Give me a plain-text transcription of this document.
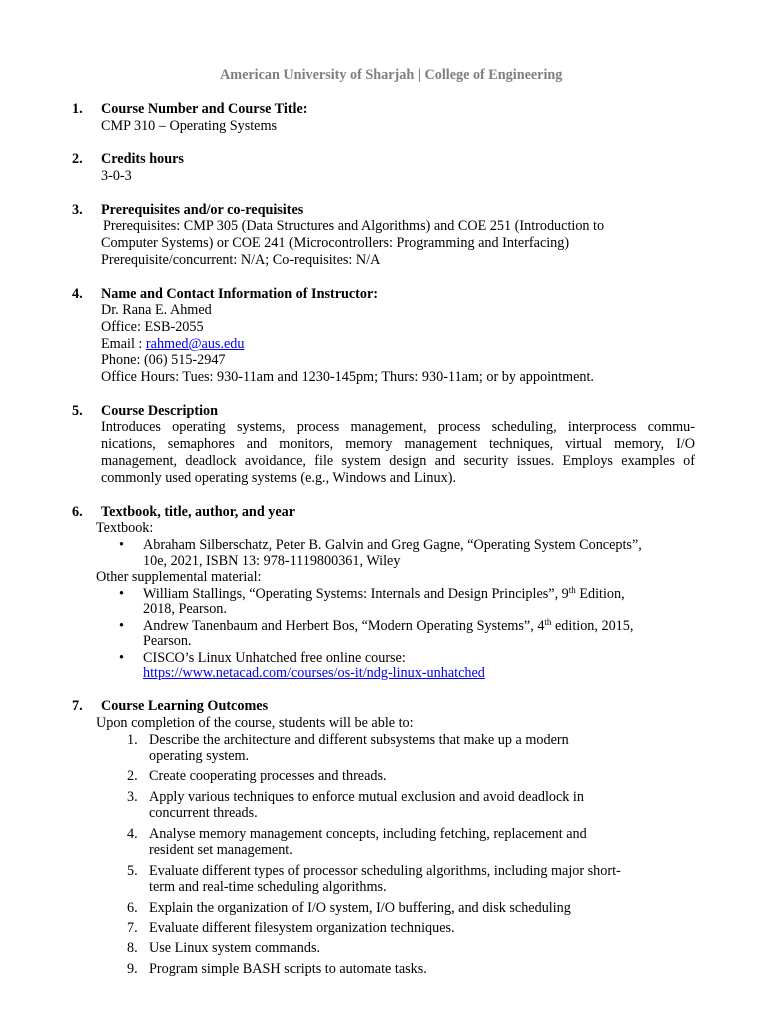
American University of Sharjah | College of Engineering
1. Course Number and Course Title:
CMP 310 – Operating Systems
2. Credits hours
3-0-3
3. Prerequisites and/or co-requisites
Prerequisites: CMP 305 (Data Structures and Algorithms) and COE 251 (Introduction to
Computer Systems) or COE 241 (Microcontrollers: Programming and Interfacing)
Prerequisite/concurrent: N/A; Co-requisites: N/A
4. Name and Contact Information of Instructor:
Dr. Rana E. Ahmed
Office: ESB-2055
Email : rahmed@aus.edu
Phone: (06) 515-2947
Office Hours: Tues: 930-11am and 1230-145pm; Thurs: 930-11am; or by appointment.
5. Course Description
Introduces operating systems, process management, process scheduling, interprocess commu-
nications, semaphores and monitors, memory management techniques, virtual memory, I/O
management, deadlock avoidance, file system design and security issues. Employs examples of
commonly used operating systems (e.g., Windows and Linux).
6. Textbook, title, author, and year
Textbook:
• Abraham Silberschatz, Peter B. Galvin and Greg Gagne, “Operating System Concepts”,
10e, 2021, ISBN 13: 978-1119800361, Wiley
Other supplemental material:
• William Stallings, “Operating Systems: Internals and Design Principles”, 9th Edition,
2018, Pearson.
• Andrew Tanenbaum and Herbert Bos, “Modern Operating Systems”, 4th edition, 2015,
Pearson.
• CISCO’s Linux Unhatched free online course:
https://www.netacad.com/courses/os-it/ndg-linux-unhatched
7. Course Learning Outcomes
Upon completion of the course, students will be able to:
1. Describe the architecture and different subsystems that make up a modern
operating system.
2. Create cooperating processes and threads.
3. Apply various techniques to enforce mutual exclusion and avoid deadlock in
concurrent threads.
4. Analyse memory management concepts, including fetching, replacement and
resident set management.
5. Evaluate different types of processor scheduling algorithms, including major short-
term and real-time scheduling algorithms.
6. Explain the organization of I/O system, I/O buffering, and disk scheduling
7. Evaluate different filesystem organization techniques.
8. Use Linux system commands.
9. Program simple BASH scripts to automate tasks.
